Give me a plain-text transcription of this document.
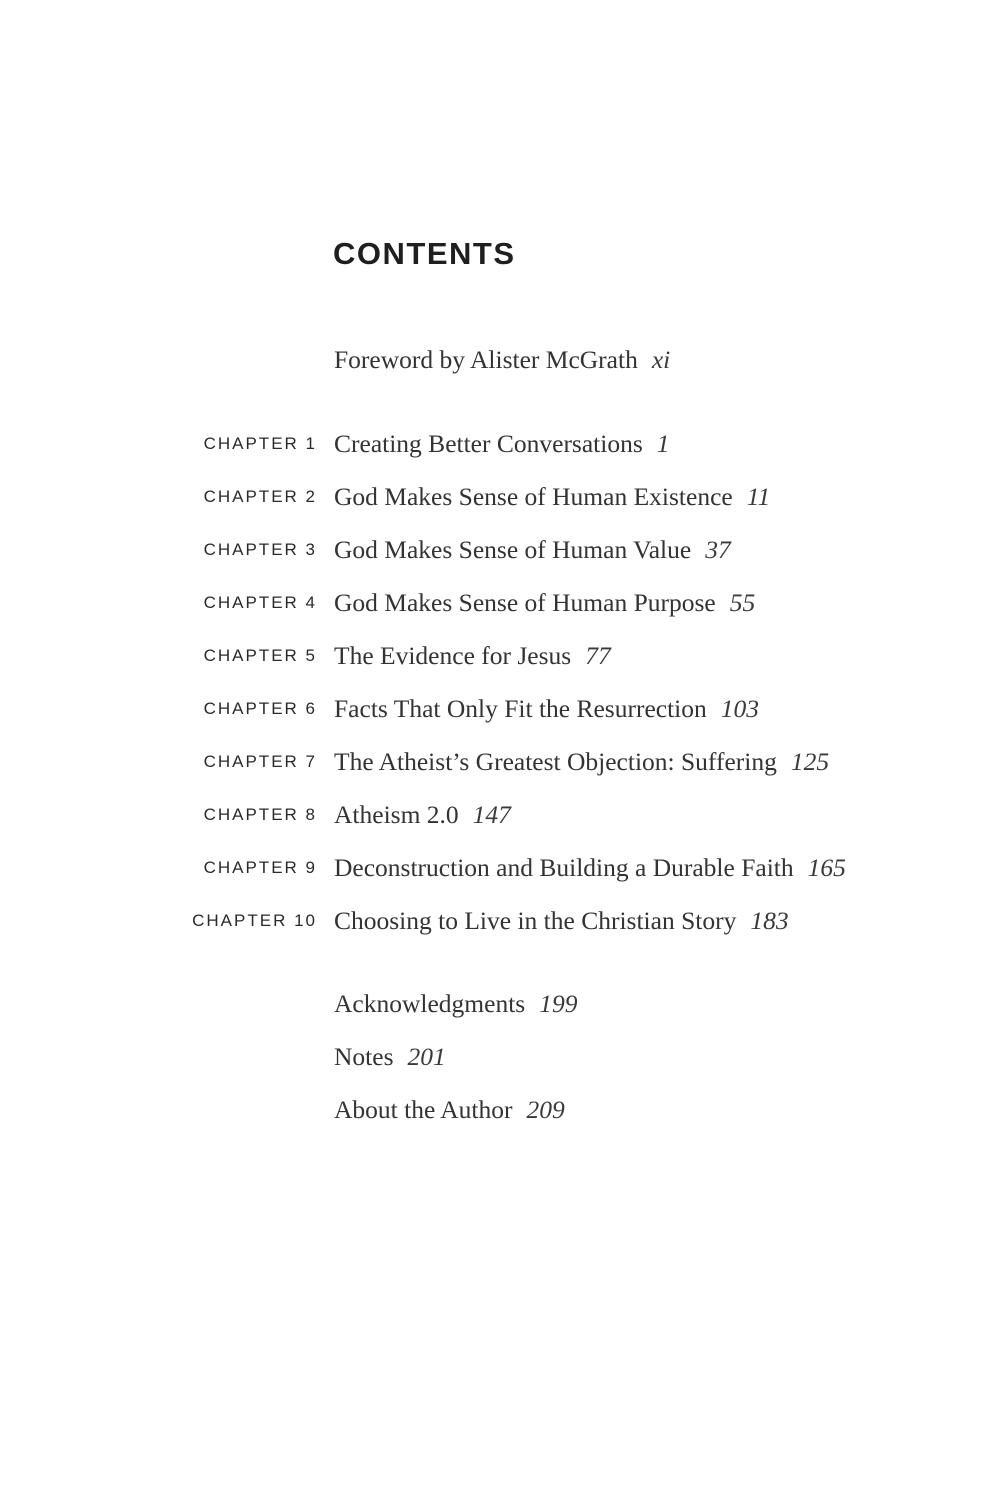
CONTENTS
Foreword by Alister McGrath xi
CHAPTER 1 Creating Better Conversations 1
CHAPTER 2 God Makes Sense of Human Existence 11
CHAPTER 3 God Makes Sense of Human Value 37
CHAPTER 4 God Makes Sense of Human Purpose 55
CHAPTER 5 The Evidence for Jesus 77
CHAPTER 6 Facts That Only Fit the Resurrection 103
CHAPTER 7 The Atheist’s Greatest Objection: Suffering 125
CHAPTER 8 Atheism 2.0 147
CHAPTER 9 Deconstruction and Building a Durable Faith 165
CHAPTER 10 Choosing to Live in the Christian Story 183
Acknowledgments 199
Notes 201
About the Author 209
